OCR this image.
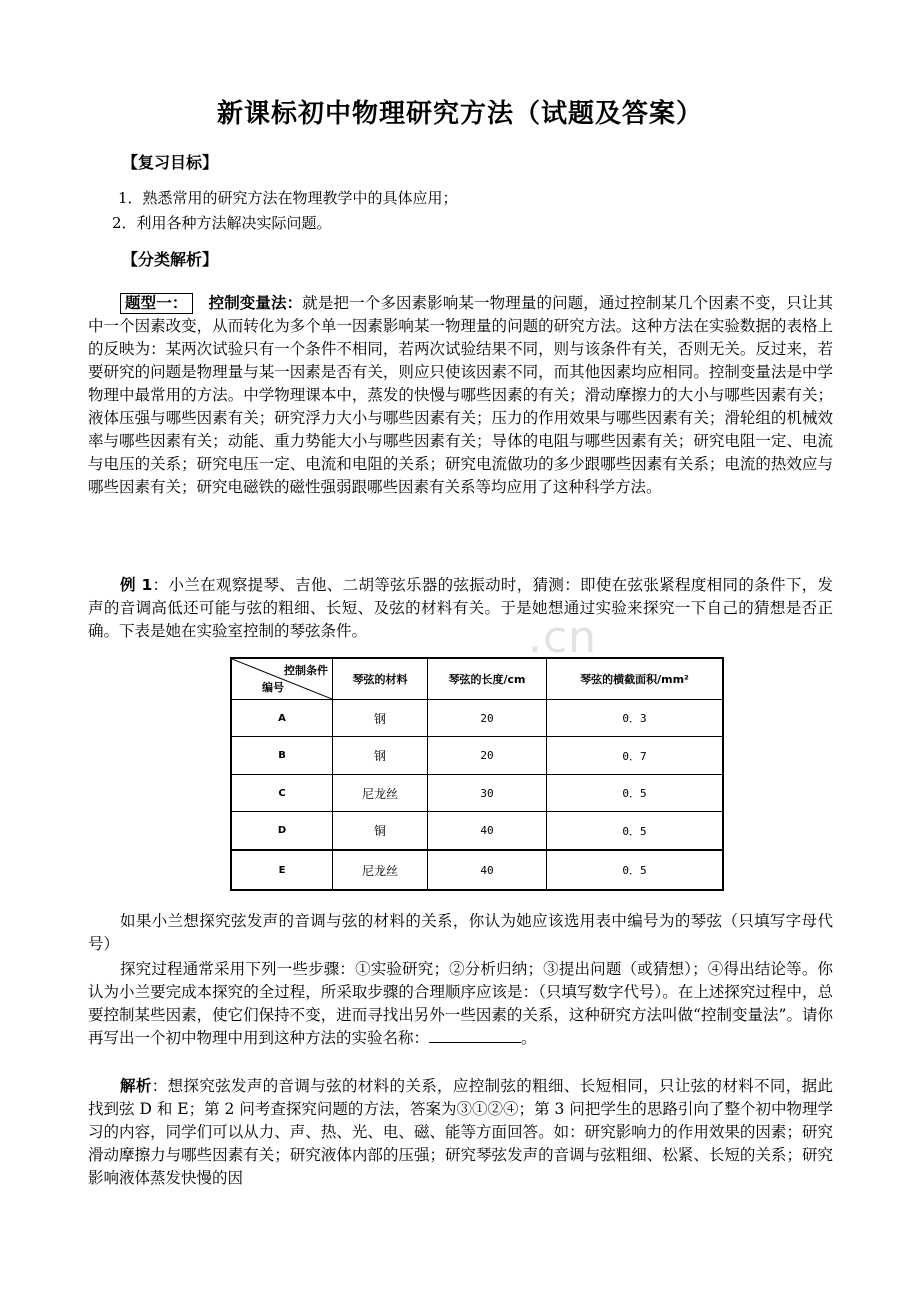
新课标初中物理研究方法（试题及答案）

【复习目标】

1．熟悉常用的研究方法在物理教学中的具体应用；

2．利用各种方法解决实际问题。

【分类解析】

题型一： 控制变量法：就是把一个多因素影响某一物理量的问题，通过控制某几个因素不变，只让其中一个因素改变，从而转化为多个单一因素影响某一物理量的问题的研究方法。这种方法在实验数据的表格上的反映为：某两次试验只有一个条件不相同，若两次试验结果不同，则与该条件有关，否则无关。反过来，若要研究的问题是物理量与某一因素是否有关，则应只使该因素不同，而其他因素均应相同。控制变量法是中学物理中最常用的方法。中学物理课本中，蒸发的快慢与哪些因素的有关；滑动摩擦力的大小与哪些因素有关；液体压强与哪些因素有关；研究浮力大小与哪些因素有关；压力的作用效果与哪些因素有关；滑轮组的机械效率与哪些因素有关；动能、重力势能大小与哪些因素有关；导体的电阻与哪些因素有关；研究电阻一定、电流与电压的关系；研究电压一定、电流和电阻的关系；研究电流做功的多少跟哪些因素有关系；电流的热效应与哪些因素有关；研究电磁铁的磁性强弱跟哪些因素有关系等均应用了这种科学方法。

例 1：小兰在观察提琴、吉他、二胡等弦乐器的弦振动时，猜测：即使在弦张紧程度相同的条件下，发声的音调高低还可能与弦的粗细、长短、及弦的材料有关。于是她想通过实验来探究一下自己的猜想是否正确。下表是她在实验室控制的琴弦条件。	.cn
控制条件
编号	琴弦的材料	琴弦的长度/cm	琴弦的横截面积/mm²
A	钢	20	0．3
B	钢	20	0．7
C	尼龙丝	30	0．5
D	铜	40	0．5
E	尼龙丝	40	0．5

如果小兰想探究弦发声的音调与弦的材料的关系，你认为她应该选用表中编号为的琴弦（只填写字母代号）

探究过程通常采用下列一些步骤：①实验研究；②分析归纳；③提出问题（或猜想）；④得出结论等。你认为小兰要完成本探究的全过程，所采取步骤的合理顺序应该是：（只填写数字代号）。在上述探究过程中，总要控制某些因素，使它们保持不变，进而寻找出另外一些因素的关系，这种研究方法叫做“控制变量法”。请你再写出一个初中物理中用到这种方法的实验名称：	。

解析：想探究弦发声的音调与弦的材料的关系，应控制弦的粗细、长短相同，只让弦的材料不同，据此找到弦 D 和 E；第 2 问考查探究问题的方法，答案为③①②④；第 3 问把学生的思路引向了整个初中物理学习的内容，同学们可以从力、声、热、光、电、磁、能等方面回答。如：研究影响力的作用效果的因素；研究滑动摩擦力与哪些因素有关；研究液体内部的压强；研究琴弦发声的音调与弦粗细、松紧、长短的关系；研究影响液体蒸发快慢的因
